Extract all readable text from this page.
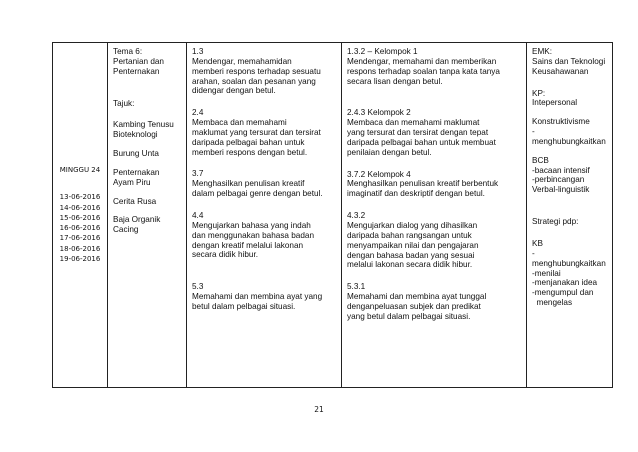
MINGGU 24
13-06-2016
14-06-2016
15-06-2016
16-06-2016
17-06-2016
18-06-2016
19-06-2016

Tema 6:
Pertanian dan
Penternakan
Tajuk:
Kambing Tenusu
Bioteknologi
Burung Unta
Penternakan
Ayam Piru
Cerita Rusa
Baja Organik
Cacing

1.3
Mendengar, memahamidan
memberi respons terhadap sesuatu
arahan, soalan dan pesanan yang
didengar dengan betul.
2.4
Membaca dan memahami
maklumat yang tersurat dan tersirat
daripada pelbagai bahan untuk
memberi respons dengan betul.
3.7
Menghasilkan penulisan kreatif
dalam pelbagai genre dengan betul.
4.4
Mengujarkan bahasa yang indah
dan menggunakan bahasa badan
dengan kreatif melalui lakonan
secara didik hibur.
5.3
Memahami dan membina ayat yang
betul dalam pelbagai situasi.

1.3.2 – Kelompok 1
Mendengar, memahami dan memberikan
respons terhadap soalan tanpa kata tanya
secara lisan dengan betul.
2.4.3 Kelompok 2
Membaca dan memahami maklumat
yang tersurat dan tersirat dengan tepat
daripada pelbagai bahan untuk membuat
penilaian dengan betul.
3.7.2 Kelompok 4
Menghasilkan penulisan kreatif berbentuk
imaginatif dan deskriptif dengan betul.
4.3.2
Mengujarkan dialog yang dihasilkan
daripada bahan rangsangan untuk
menyampaikan nilai dan pengajaran
dengan bahasa badan yang sesuai
melalui lakonan secara didik hibur.
5.3.1
Memahami dan membina ayat tunggal
denganpeluasan subjek dan predikat
yang betul dalam pelbagai situasi.

EMK:
Sains dan Teknologi
Keusahawanan
KP:
Intepersonal
Konstruktivisme
-menghubungkaitkan
BCB
-bacaan intensif
-perbincangan
Verbal-linguistik
Strategi pdp:
KB
-menghubungkaitkan
-menilai
-menjanakan idea
-mengumpul dan
mengelas
21
